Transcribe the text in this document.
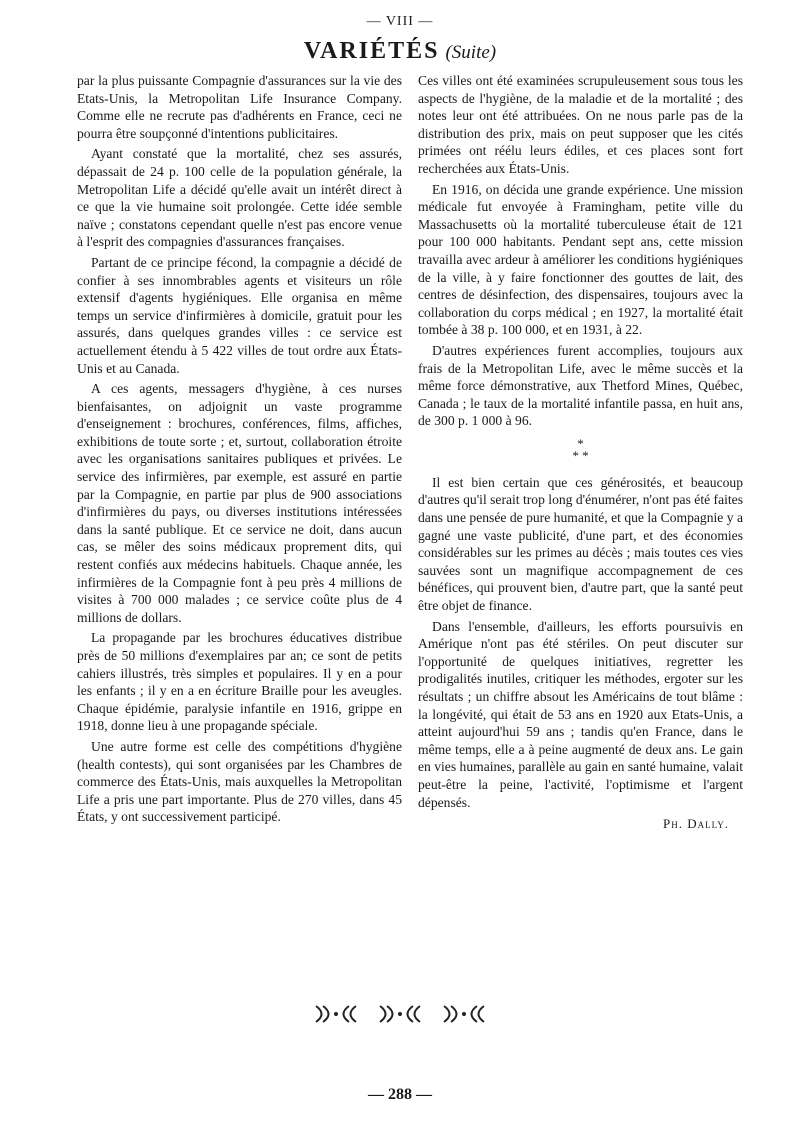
— VIII —
VARIÉTÉS (Suite)

par la plus puissante Compagnie d'assurances sur la vie des Etats-Unis, la Metropolitan Life Insurance Company. Comme elle ne recrute pas d'adhérents en France, ceci ne pourra être soupçonné d'intentions publicitaires.

Ayant constaté que la mortalité, chez ses assurés, dépassait de 24 p. 100 celle de la population générale, la Metropolitan Life a décidé qu'elle avait un intérêt direct à ce que la vie humaine soit prolongée. Cette idée semble naïve ; constatons cependant quelle n'est pas encore venue à l'esprit des compagnies d'assurances françaises.

Partant de ce principe fécond, la compagnie a décidé de confier à ses innombrables agents et visiteurs un rôle extensif d'agents hygiéniques. Elle organisa en même temps un service d'infirmières à domicile, gratuit pour les assurés, dans quelques grandes villes : ce service est actuellement étendu à 5 422 villes de tout ordre aux États-Unis et au Canada.

A ces agents, messagers d'hygiène, à ces nurses bienfaisantes, on adjoignit un vaste programme d'enseignement : brochures, conférences, films, affiches, exhibitions de toute sorte ; et, surtout, collaboration étroite avec les organisations sanitaires publiques et privées. Le service des infirmières, par exemple, est assuré en partie par la Compagnie, en partie par plus de 900 associations d'infirmières du pays, ou diverses institutions intéressées dans la santé publique. Et ce service ne doit, dans aucun cas, se mêler des soins médicaux proprement dits, qui restent confiés aux médecins habituels. Chaque année, les infirmières de la Compagnie font à peu près 4 millions de visites à 700 000 malades ; ce service coûte plus de 4 millions de dollars.

La propagande par les brochures éducatives distribue près de 50 millions d'exemplaires par an; ce sont de petits cahiers illustrés, très simples et populaires. Il y en a pour les enfants ; il y en a en écriture Braille pour les aveugles. Chaque épidémie, paralysie infantile en 1916, grippe en 1918, donne lieu à une propagande spéciale.

Une autre forme est celle des compétitions d'hygiène (health contests), qui sont organisées par les Chambres de commerce des États-Unis, mais auxquelles la Metropolitan Life a pris une part importante. Plus de 270 villes, dans 45 États, y ont successivement participé.

Ces villes ont été examinées scrupuleusement sous tous les aspects de l'hygiène, de la maladie et de la mortalité ; des notes leur ont été attribuées. On ne nous parle pas de la distribution des prix, mais on peut supposer que les cités primées ont réélu leurs édiles, et ces places sont fort recherchées aux États-Unis.

En 1916, on décida une grande expérience. Une mission médicale fut envoyée à Framingham, petite ville du Massachusetts où la mortalité tuberculeuse était de 121 pour 100 000 habitants. Pendant sept ans, cette mission travailla avec ardeur à améliorer les conditions hygiéniques de la ville, à y faire fonctionner des gouttes de lait, des centres de désinfection, des dispensaires, toujours avec la collaboration du corps médical ; en 1927, la mortalité était tombée à 38 p. 100 000, et en 1931, à 22.

D'autres expériences furent accomplies, toujours aux frais de la Metropolitan Life, avec le même succès et la même force démonstrative, aux Thetford Mines, Québec, Canada ; le taux de la mortalité infantile passa, en huit ans, de 300 p. 1 000 à 96.

*
* *

Il est bien certain que ces générosités, et beaucoup d'autres qu'il serait trop long d'énumérer, n'ont pas été faites dans une pensée de pure humanité, et que la Compagnie y a gagné une vaste publicité, d'une part, et des économies considérables sur les primes au décès ; mais toutes ces vies sauvées sont un magnifique accompagnement de ces bénéfices, qui prouvent bien, d'autre part, que la santé peut être objet de finance.

Dans l'ensemble, d'ailleurs, les efforts poursuivis en Amérique n'ont pas été stériles. On peut discuter sur l'opportunité de quelques initiatives, regretter les prodigalités inutiles, critiquer les méthodes, ergoter sur les résultats ; un chiffre absout les Américains de tout blâme : la longévité, qui était de 53 ans en 1920 aux Etats-Unis, a atteint aujourd'hui 59 ans ; tandis qu'en France, dans le même temps, elle a à peine augmenté de deux ans. Le gain en vies humaines, parallèle au gain en santé humaine, valait peut-être la peine, l'activité, l'optimisme et l'argent dépensés.

Ph. Dally.
— 288 —
